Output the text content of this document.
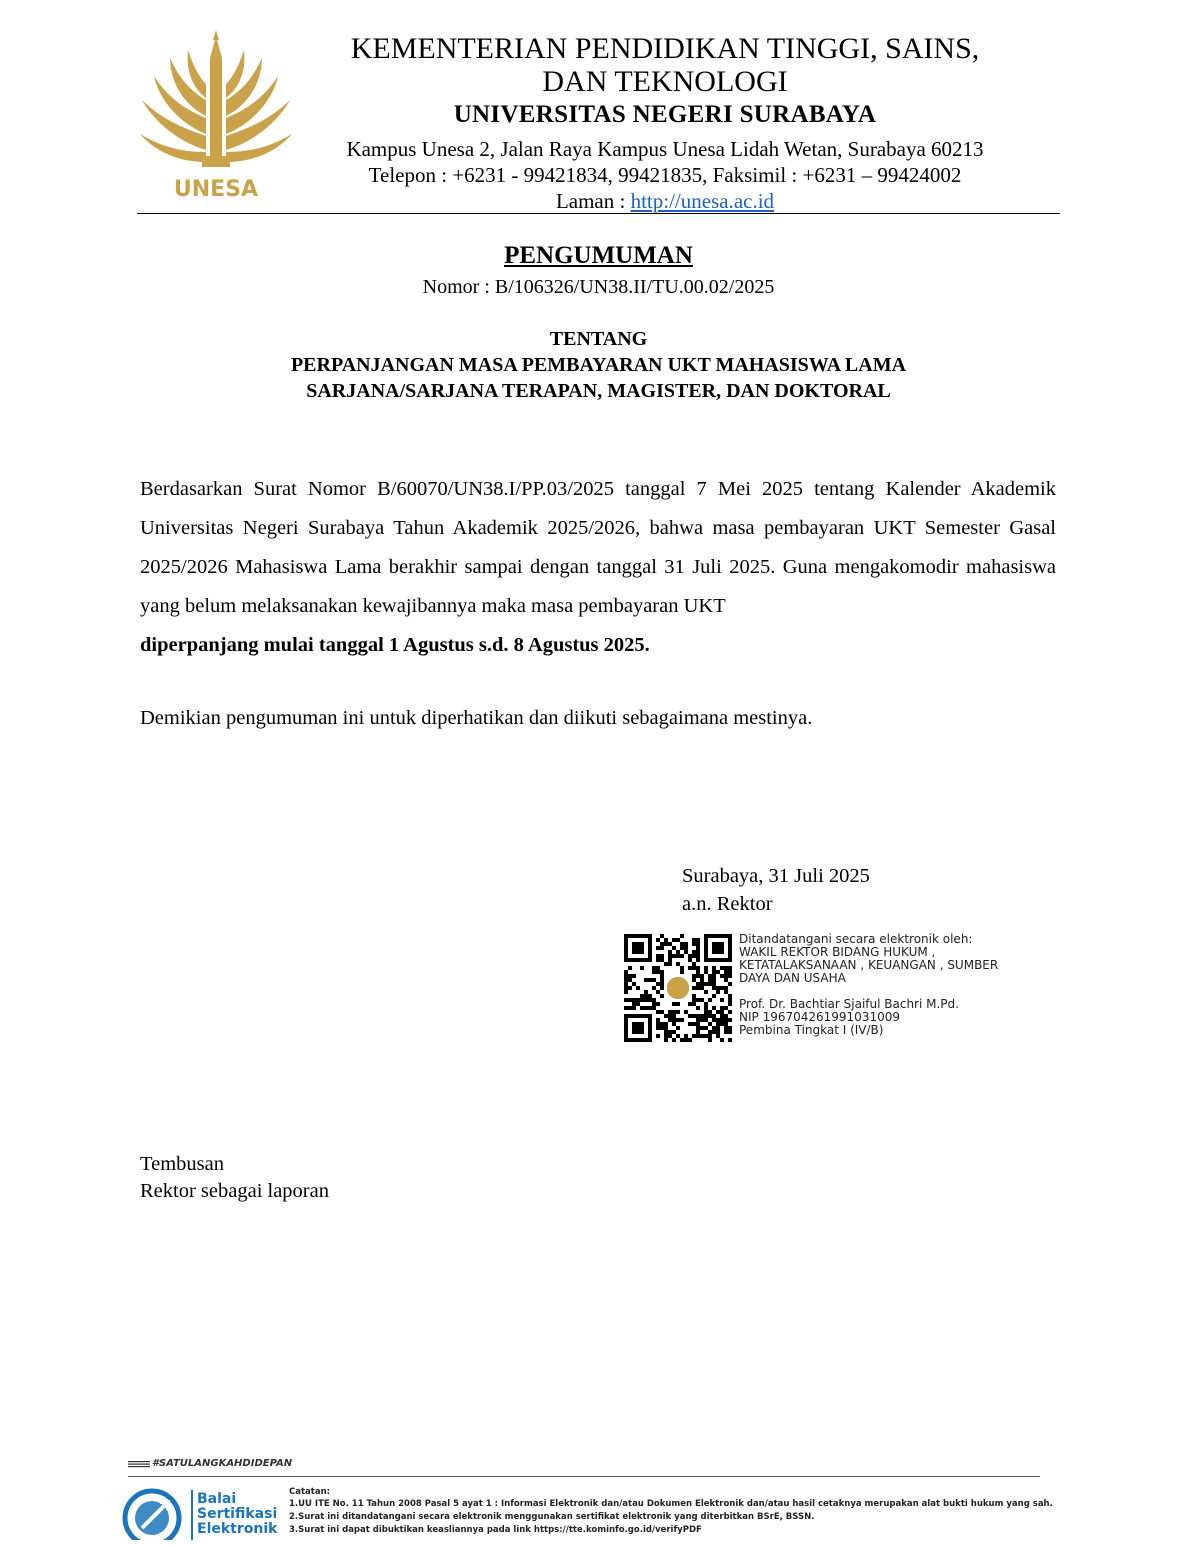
UNESA
KEMENTERIAN PENDIDIKAN TINGGI, SAINS,
DAN TEKNOLOGI
UNIVERSITAS NEGERI SURABAYA
Kampus Unesa 2, Jalan Raya Kampus Unesa Lidah Wetan, Surabaya 60213
Telepon : +6231 - 99421834, 99421835, Faksimil : +6231 – 99424002
Laman : http://unesa.ac.id
PENGUMUMAN
Nomor : B/106326/UN38.II/TU.00.02/2025
TENTANG
PERPANJANGAN MASA PEMBAYARAN UKT MAHASISWA LAMA
SARJANA/SARJANA TERAPAN, MAGISTER, DAN DOKTORAL
Berdasarkan Surat Nomor B/60070/UN38.I/PP.03/2025 tanggal 7 Mei 2025 tentang Kalender Akademik Universitas Negeri Surabaya Tahun Akademik 2025/2026, bahwa masa pembayaran UKT Semester Gasal 2025/2026 Mahasiswa Lama berakhir sampai dengan tanggal 31 Juli 2025. Guna mengakomodir mahasiswa yang belum melaksanakan kewajibannya maka masa pembayaran UKT
diperpanjang mulai tanggal 1 Agustus s.d. 8 Agustus 2025.
Demikian pengumuman ini untuk diperhatikan dan diikuti sebagaimana mestinya.
Surabaya, 31 Juli 2025
a.n. Rektor
Ditandatangani secara elektronik oleh:
WAKIL REKTOR BIDANG HUKUM ,
KETATALAKSANAAN , KEUANGAN , SUMBER
DAYA DAN USAHA
Prof. Dr. Bachtiar Sjaiful Bachri M.Pd.
NIP 196704261991031009
Pembina Tingkat I (IV/B)
Tembusan
Rektor sebagai laporan
#SATULANGKAHDIDEPAN
Balai
Sertifikasi
Elektronik
Catatan:
1.UU ITE No. 11 Tahun 2008 Pasal 5 ayat 1 : Informasi Elektronik dan/atau Dokumen Elektronik dan/atau hasil cetaknya merupakan alat bukti hukum yang sah.
2.Surat ini ditandatangani secara elektronik menggunakan sertifikat elektronik yang diterbitkan BSrE, BSSN.
3.Surat ini dapat dibuktikan keasliannya pada link https://tte.kominfo.go.id/verifyPDF
